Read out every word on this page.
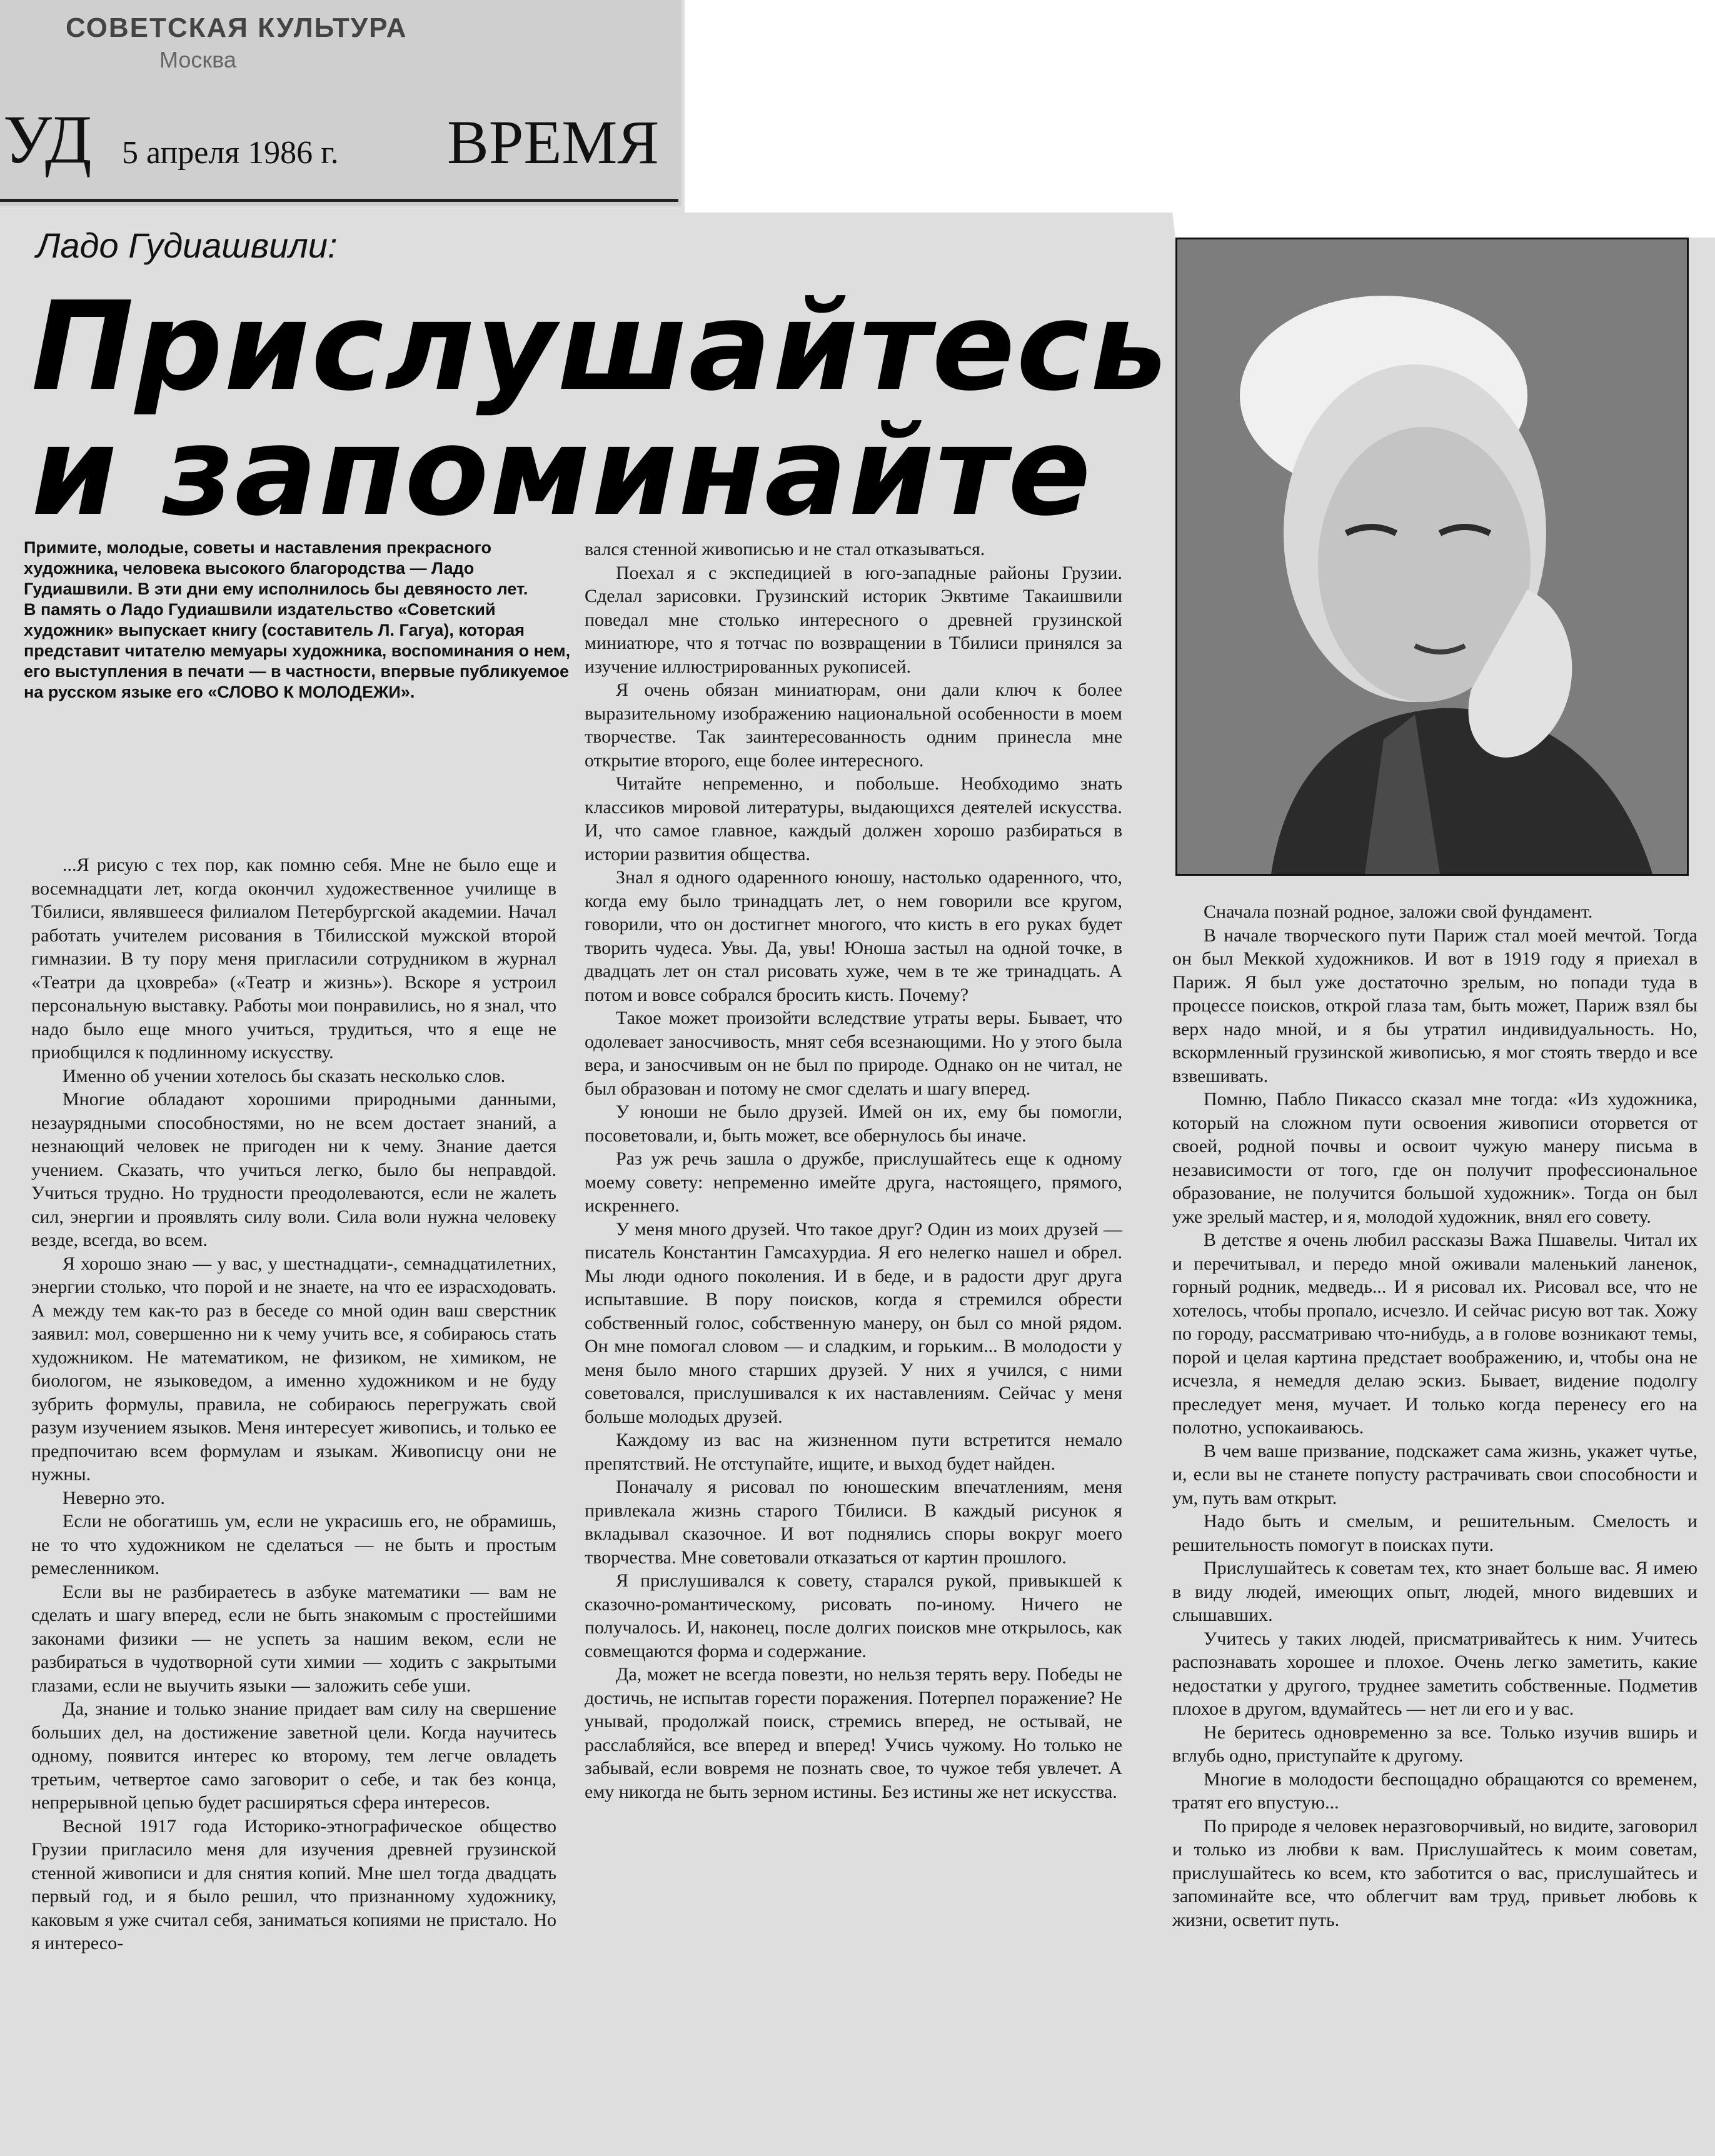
СОВЕТСКАЯ КУЛЬТУРА
Москва
УД 5 апреля 1986 г. ВРЕМЯ
Ладо Гудиашвили:
Прислушайтесь
и запоминайте

Примите, молодые, советы и наставления прекрасного художника, человека высокого благородства — Ладо Гудиашвили. В эти дни ему исполнилось бы девяносто лет.

В память о Ладо Гудиашвили издательство «Советский художник» выпускает книгу (составитель Л. Гагуа), которая представит читателю мемуары художника, воспоминания о нем, его выступления в печати — в частности, впервые публикуемое на русском языке его «СЛОВО К МОЛОДЕЖИ».

...Я рисую с тех пор, как помню себя. Мне не было еще и восемнадцати лет, когда окончил художественное училище в Тбилиси, являвшееся филиалом Петербургской академии. Начал работать учителем рисования в Тбилисской мужской второй гимназии. В ту пору меня пригласили сотрудником в журнал «Театри да цховреба» («Театр и жизнь»). Вскоре я устроил персональную выставку. Работы мои понравились, но я знал, что надо было еще много учиться, трудиться, что я еще не приобщился к подлинному искусству.

Именно об учении хотелось бы сказать несколько слов.

Многие обладают хорошими природными данными, незаурядными способностями, но не всем достает знаний, а незнающий человек не пригоден ни к чему. Знание дается учением. Сказать, что учиться легко, было бы неправдой. Учиться трудно. Но трудности преодолеваются, если не жалеть сил, энергии и проявлять силу воли. Сила воли нужна человеку везде, всегда, во всем.

Я хорошо знаю — у вас, у шестнадцати-, семнадцатилетних, энергии столько, что порой и не знаете, на что ее израсходовать. А между тем как-то раз в беседе со мной один ваш сверстник заявил: мол, совершенно ни к чему учить все, я собираюсь стать художником. Не математиком, не физиком, не химиком, не биологом, не языковедом, а именно художником и не буду зубрить формулы, правила, не собираюсь перегружать свой разум изучением языков. Меня интересует живопись, и только ее предпочитаю всем формулам и языкам. Живописцу они не нужны.

Неверно это.

Если не обогатишь ум, если не украсишь его, не обрамишь, не то что художником не сделаться — не быть и простым ремесленником.

Если вы не разбираетесь в азбуке математики — вам не сделать и шагу вперед, если не быть знакомым с простейшими законами физики — не успеть за нашим веком, если не разбираться в чудотворной сути химии — ходить с закрытыми глазами, если не выучить языки — заложить себе уши.

Да, знание и только знание придает вам силу на свершение больших дел, на достижение заветной цели. Когда научитесь одному, появится интерес ко второму, тем легче овладеть третьим, четвертое само заговорит о себе, и так без конца, непрерывной цепью будет расширяться сфера интересов.

Весной 1917 года Историко-этнографическое общество Грузии пригласило меня для изучения древней грузинской стенной живописи и для снятия копий. Мне шел тогда двадцать первый год, и я было решил, что признанному художнику, каковым я уже считал себя, заниматься копиями не пристало. Но я интересо-

вался стенной живописью и не стал отказываться.

Поехал я с экспедицией в юго-западные районы Грузии. Сделал зарисовки. Грузинский историк Эквтиме Такаишвили поведал мне столько интересного о древней грузинской миниатюре, что я тотчас по возвращении в Тбилиси принялся за изучение иллюстрированных рукописей.

Я очень обязан миниатюрам, они дали ключ к более выразительному изображению национальной особенности в моем творчестве. Так заинтересованность одним принесла мне открытие второго, еще более интересного.

Читайте непременно, и побольше. Необходимо знать классиков мировой литературы, выдающихся деятелей искусства. И, что самое главное, каждый должен хорошо разбираться в истории развития общества.

Знал я одного одаренного юношу, настолько одаренного, что, когда ему было тринадцать лет, о нем говорили все кругом, говорили, что он достигнет многого, что кисть в его руках будет творить чудеса. Увы. Да, увы! Юноша застыл на одной точке, в двадцать лет он стал рисовать хуже, чем в те же тринадцать. А потом и вовсе собрался бросить кисть. Почему?

Такое может произойти вследствие утраты веры. Бывает, что одолевает заносчивость, мнят себя всезнающими. Но у этого была вера, и заносчивым он не был по природе. Однако он не читал, не был образован и потому не смог сделать и шагу вперед.

У юноши не было друзей. Имей он их, ему бы помогли, посоветовали, и, быть может, все обернулось бы иначе.

Раз уж речь зашла о дружбе, прислушайтесь еще к одному моему совету: непременно имейте друга, настоящего, прямого, искреннего.

У меня много друзей. Что такое друг? Один из моих друзей — писатель Константин Гамсахурдиа. Я его нелегко нашел и обрел. Мы люди одного поколения. И в беде, и в радости друг друга испытавшие. В пору поисков, когда я стремился обрести собственный голос, собственную манеру, он был со мной рядом. Он мне помогал словом — и сладким, и горьким... В молодости у меня было много старших друзей. У них я учился, с ними советовался, прислушивался к их наставлениям. Сейчас у меня больше молодых друзей.

Каждому из вас на жизненном пути встретится немало препятствий. Не отступайте, ищите, и выход будет найден.

Поначалу я рисовал по юношеским впечатлениям, меня привлекала жизнь старого Тбилиси. В каждый рисунок я вкладывал сказочное. И вот поднялись споры вокруг моего творчества. Мне советовали отказаться от картин прошлого.

Я прислушивался к совету, старался рукой, привыкшей к сказочно-романтическому, рисовать по-иному. Ничего не получалось. И, наконец, после долгих поисков мне открылось, как совмещаются форма и содержание.

Да, может не всегда повезти, но нельзя терять веру. Победы не достичь, не испытав горести поражения. Потерпел поражение? Не унывай, продолжай поиск, стремись вперед, не остывай, не расслабляйся, все вперед и вперед! Учись чужому. Но только не забывай, если вовремя не познать свое, то чужое тебя увлечет. А ему никогда не быть зерном истины. Без истины же нет искусства.

Сначала познай родное, заложи свой фундамент.

В начале творческого пути Париж стал моей мечтой. Тогда он был Меккой художников. И вот в 1919 году я приехал в Париж. Я был уже достаточно зрелым, но попади туда в процессе поисков, открой глаза там, быть может, Париж взял бы верх надо мной, и я бы утратил индивидуальность. Но, вскормленный грузинской живописью, я мог стоять твердо и все взвешивать.

Помню, Пабло Пикассо сказал мне тогда: «Из художника, который на сложном пути освоения живописи оторвется от своей, родной почвы и освоит чужую манеру письма в независимости от того, где он получит профессиональное образование, не получится большой художник». Тогда он был уже зрелый мастер, и я, молодой художник, внял его совету.

В детстве я очень любил рассказы Важа Пшавелы. Читал их и перечитывал, и передо мной оживали маленький ланенок, горный родник, медведь... И я рисовал их. Рисовал все, что не хотелось, чтобы пропало, исчезло. И сейчас рисую вот так. Хожу по городу, рассматриваю что-нибудь, а в голове возникают темы, порой и целая картина предстает воображению, и, чтобы она не исчезла, я немедля делаю эскиз. Бывает, видение подолгу преследует меня, мучает. И только когда перенесу его на полотно, успокаиваюсь.

В чем ваше призвание, подскажет сама жизнь, укажет чутье, и, если вы не станете попусту растрачивать свои способности и ум, путь вам открыт.

Надо быть и смелым, и решительным. Смелость и решительность помогут в поисках пути.

Прислушайтесь к советам тех, кто знает больше вас. Я имею в виду людей, имеющих опыт, людей, много видевших и слышавших.

Учитесь у таких людей, присматривайтесь к ним. Учитесь распознавать хорошее и плохое. Очень легко заметить, какие недостатки у другого, труднее заметить собственные. Подметив плохое в другом, вдумайтесь — нет ли его и у вас.

Не беритесь одновременно за все. Только изучив вширь и вглубь одно, приступайте к другому.

Многие в молодости беспощадно обращаются со временем, тратят его впустую...

По природе я человек неразговорчивый, но видите, заговорил и только из любви к вам. Прислушайтесь к моим советам, прислушайтесь ко всем, кто заботится о вас, прислушайтесь и запоминайте все, что облегчит вам труд, привьет любовь к жизни, осветит путь.
